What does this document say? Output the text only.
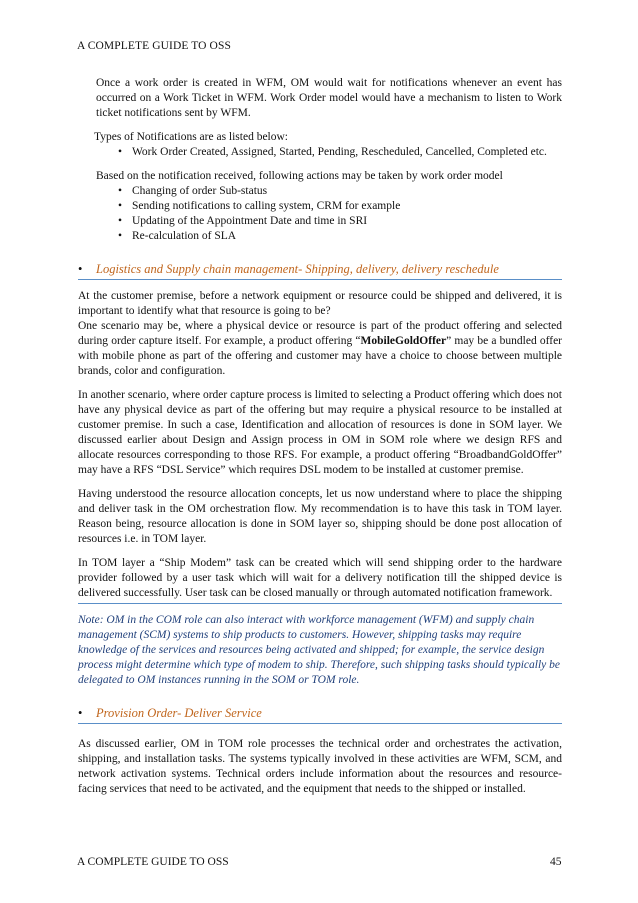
A COMPLETE GUIDE TO OSS

Once a work order is created in WFM, OM would wait for notifications whenever an event has occurred on a Work Ticket in WFM. Work Order model would have a mechanism to listen to Work ticket notifications sent by WFM.

Types of Notifications are as listed below:

• Work Order Created, Assigned, Started, Pending, Rescheduled, Cancelled, Completed etc.

Based on the notification received, following actions may be taken by work order model

• Changing of order Sub-status
• Sending notifications to calling system, CRM for example
• Updating of the Appointment Date and time in SRI
• Re-calculation of SLA
• Logistics and Supply chain management- Shipping, delivery, delivery reschedule

At the customer premise, before a network equipment or resource could be shipped and delivered, it is important to identify what that resource is going to be?

One scenario may be, where a physical device or resource is part of the product offering and selected during order capture itself. For example, a product offering “MobileGoldOffer” may be a bundled offer with mobile phone as part of the offering and customer may have a choice to choose between multiple brands, color and configuration.

In another scenario, where order capture process is limited to selecting a Product offering which does not have any physical device as part of the offering but may require a physical resource to be installed at customer premise. In such a case, Identification and allocation of resources is done in SOM layer. We discussed earlier about Design and Assign process in OM in SOM role where we design RFS and allocate resources corresponding to those RFS. For example, a product offering “BroadbandGoldOffer” may have a RFS “DSL Service” which requires DSL modem to be installed at customer premise.

Having understood the resource allocation concepts, let us now understand where to place the shipping and deliver task in the OM orchestration flow. My recommendation is to have this task in TOM layer. Reason being, resource allocation is done in SOM layer so, shipping should be done post allocation of resources i.e. in TOM layer.

In TOM layer a “Ship Modem” task can be created which will send shipping order to the hardware provider followed by a user task which will wait for a delivery notification till the shipped device is delivered successfully. User task can be closed manually or through automated notification framework.

Note: OM in the COM role can also interact with workforce management (WFM) and supply chain management (SCM) systems to ship products to customers. However, shipping tasks may require knowledge of the services and resources being activated and shipped; for example, the service design process might determine which type of modem to ship. Therefore, such shipping tasks should typically be delegated to OM instances running in the SOM or TOM role.

• Provision Order- Deliver Service

As discussed earlier, OM in TOM role processes the technical order and orchestrates the activation, shipping, and installation tasks. The systems typically involved in these activities are WFM, SCM, and network activation systems. Technical orders include information about the resources and resource-facing services that need to be activated, and the equipment that needs to the shipped or installed.

A COMPLETE GUIDE TO OSS	45
